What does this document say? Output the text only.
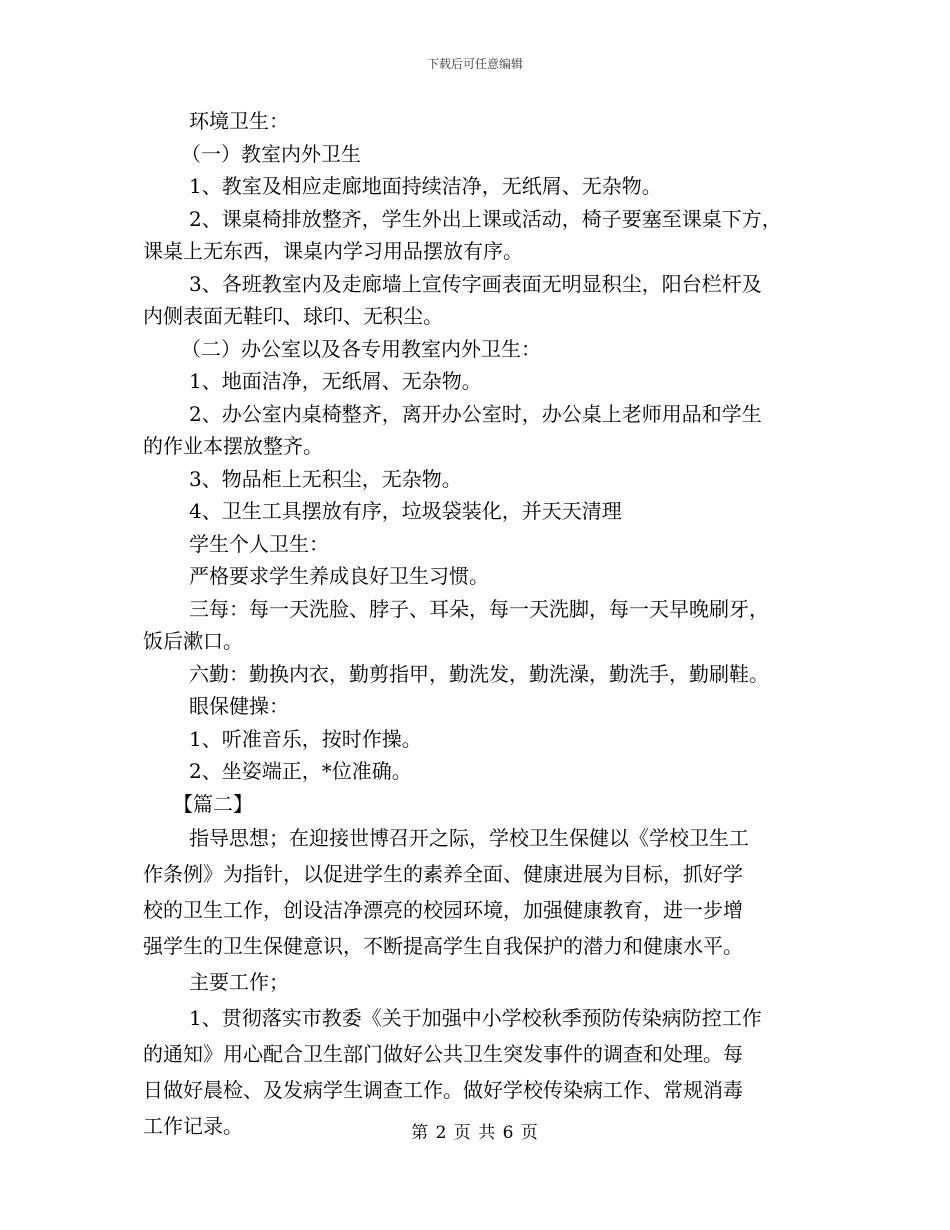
下载后可任意编辑
环境卫生：
（一）教室内外卫生
1、教室及相应走廊地面持续洁净，无纸屑、无杂物。
2、课桌椅排放整齐，学生外出上课或活动，椅子要塞至课桌下方，
课桌上无东西，课桌内学习用品摆放有序。
3、各班教室内及走廊墙上宣传字画表面无明显积尘，阳台栏杆及
内侧表面无鞋印、球印、无积尘。
（二）办公室以及各专用教室内外卫生：
1、地面洁净，无纸屑、无杂物。
2、办公室内桌椅整齐，离开办公室时，办公桌上老师用品和学生
的作业本摆放整齐。
3、物品柜上无积尘，无杂物。
4、卫生工具摆放有序，垃圾袋装化，并天天清理
学生个人卫生：
严格要求学生养成良好卫生习惯。
三每：每一天洗脸、脖子、耳朵，每一天洗脚，每一天早晚刷牙，
饭后漱口。
六勤：勤换内衣，勤剪指甲，勤洗发，勤洗澡，勤洗手，勤刷鞋。
眼保健操：
1、听准音乐，按时作操。
2、坐姿端正，*位准确。
【篇二】
指导思想；在迎接世博召开之际，学校卫生保健以《学校卫生工
作条例》为指针，以促进学生的素养全面、健康进展为目标，抓好学
校的卫生工作，创设洁净漂亮的校园环境，加强健康教育，进一步增
强学生的卫生保健意识，不断提高学生自我保护的潜力和健康水平。
主要工作；
1、贯彻落实市教委《关于加强中小学校秋季预防传染病防控工作
的通知》用心配合卫生部门做好公共卫生突发事件的调查和处理。每
日做好晨检、及发病学生调查工作。做好学校传染病工作、常规消毒
工作记录。	第 2 页 共 6 页
